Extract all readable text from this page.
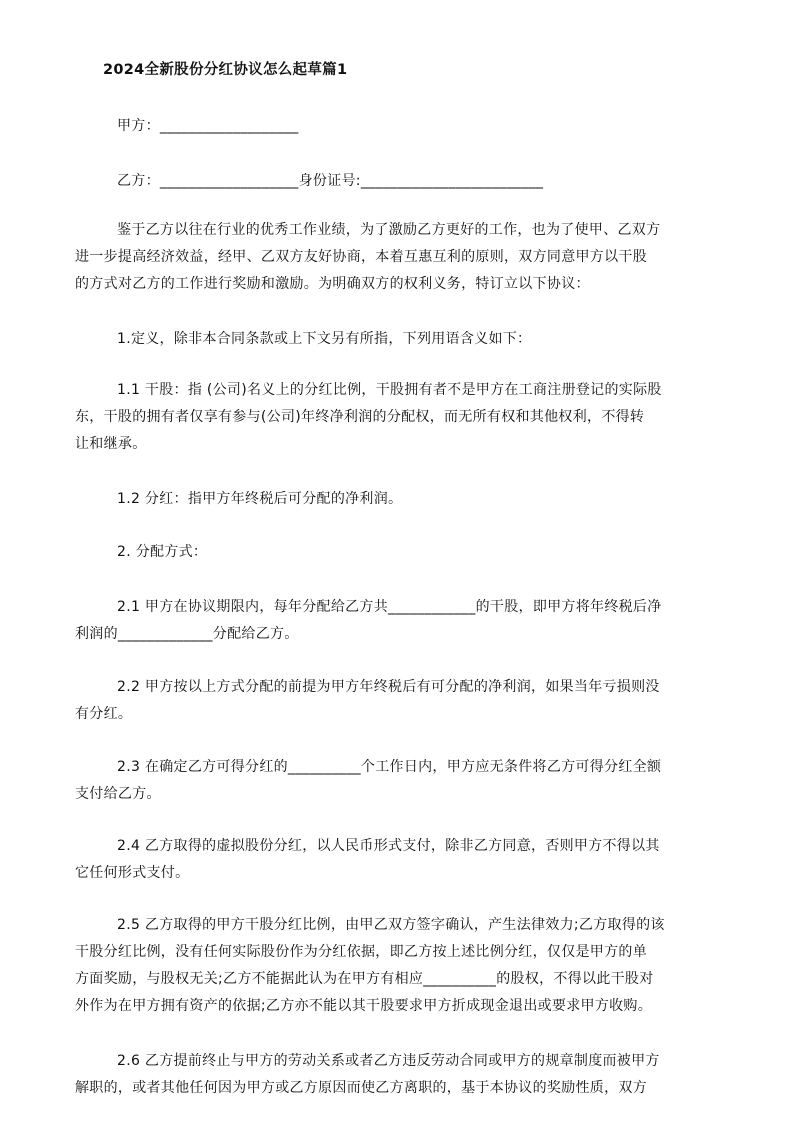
2024全新股份分红协议怎么起草篇1
甲方：___________________
乙方：___________________身份证号:_________________________
鉴于乙方以往在行业的优秀工作业绩，为了激励乙方更好的工作，也为了使甲、乙双方
进一步提高经济效益，经甲、乙双方友好协商，本着互惠互利的原则，双方同意甲方以干股
的方式对乙方的工作进行奖励和激励。为明确双方的权利义务，特订立以下协议：
1.定义，除非本合同条款或上下文另有所指，下列用语含义如下：
1.1 干股：指 (公司)名义上的分红比例，干股拥有者不是甲方在工商注册登记的实际股
东，干股的拥有者仅享有参与(公司)年终净利润的分配权，而无所有权和其他权利，不得转
让和继承。
1.2 分红：指甲方年终税后可分配的净利润。
2. 分配方式：
2.1 甲方在协议期限内，每年分配给乙方共____________的干股，即甲方将年终税后净
利润的_____________分配给乙方。
2.2 甲方按以上方式分配的前提为甲方年终税后有可分配的净利润，如果当年亏损则没
有分红。
2.3 在确定乙方可得分红的__________个工作日内，甲方应无条件将乙方可得分红全额
支付给乙方。
2.4 乙方取得的虚拟股份分红，以人民币形式支付，除非乙方同意，否则甲方不得以其
它任何形式支付。
2.5 乙方取得的甲方干股分红比例，由甲乙双方签字确认，产生法律效力;乙方取得的该
干股分红比例，没有任何实际股份作为分红依据，即乙方按上述比例分红，仅仅是甲方的单
方面奖励，与股权无关;乙方不能据此认为在甲方有相应__________的股权，不得以此干股对
外作为在甲方拥有资产的依据;乙方亦不能以其干股要求甲方折成现金退出或要求甲方收购。
2.6 乙方提前终止与甲方的劳动关系或者乙方违反劳动合同或甲方的规章制度而被甲方
解职的，或者其他任何因为甲方或乙方原因而使乙方离职的，基于本协议的奖励性质，双方
